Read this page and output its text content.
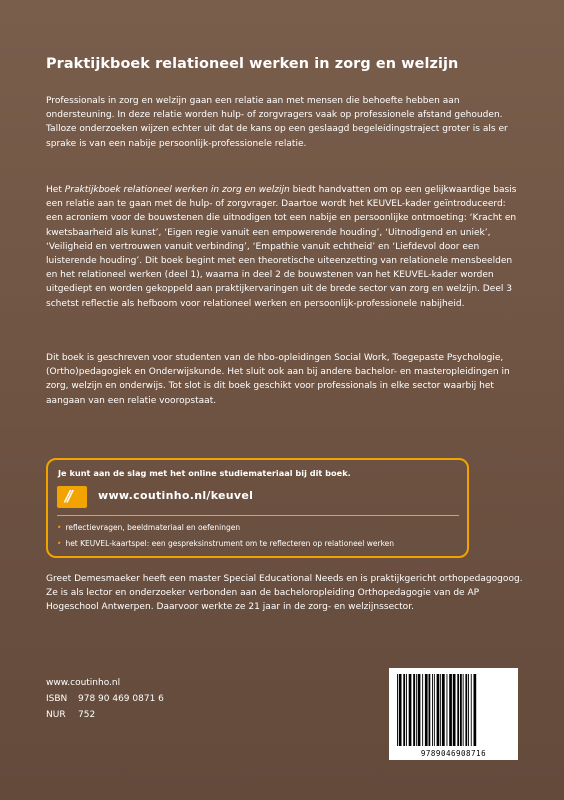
Praktijkboek relationeel werken in zorg en welzijn

Professionals in zorg en welzijn gaan een relatie aan met mensen die behoefte hebben aan ondersteuning. In deze relatie worden hulp- of zorgvragers vaak op professionele afstand gehouden. Talloze onderzoeken wijzen echter uit dat de kans op een geslaagd begeleidingstraject groter is als er sprake is van een nabije persoonlijk-professionele relatie.

Het Praktijkboek relationeel werken in zorg en welzijn biedt handvatten om op een gelijkwaardige basis een relatie aan te gaan met de hulp- of zorgvrager. Daartoe wordt het KEUVEL-kader geïntroduceerd: een acroniem voor de bouwstenen die uitnodigen tot een nabije en persoonlijke ontmoeting: ‘Kracht en kwetsbaarheid als kunst’, ‘Eigen regie vanuit een empowerende houding’, ‘Uitnodigend en uniek’, ‘Veiligheid en vertrouwen vanuit verbinding’, ‘Empathie vanuit echtheid’ en ‘Liefdevol door een luisterende houding’. Dit boek begint met een theoretische uiteenzetting van relationele mensbeelden en het relationeel werken (deel 1), waarna in deel 2 de bouwstenen van het KEUVEL-kader worden uitgediept en worden gekoppeld aan praktijkervaringen uit de brede sector van zorg en welzijn. Deel 3 schetst reflectie als hefboom voor relationeel werken en persoonlijk-professionele nabijheid.

Dit boek is geschreven voor studenten van de hbo-opleidingen Social Work, Toegepaste Psychologie, (Ortho)pedagogiek en Onderwijskunde. Het sluit ook aan bij andere bachelor- en masteropleidingen in zorg, welzijn en onderwijs. Tot slot is dit boek geschikt voor professionals in elke sector waarbij het aangaan van een relatie vooropstaat.

Je kunt aan de slag met het online studiemateriaal bij dit boek.
//	www.coutinho.nl/keuvel
• reflectievragen, beeldmateriaal en oefeningen
• het KEUVEL-kaartspel: een gespreksinstrument om te reflecteren op relationeel werken

Greet Demesmaeker heeft een master Special Educational Needs en is praktijkgericht orthopedagogoog. Ze is als lector en onderzoeker verbonden aan de bacheloropleiding Orthopedagogie van de AP Hogeschool Antwerpen. Daarvoor werkte ze 21 jaar in de zorg- en welzijnssector.

www.coutinho.nl
ISBN	978 90 469 0871 6
NUR	752
9789046908716
